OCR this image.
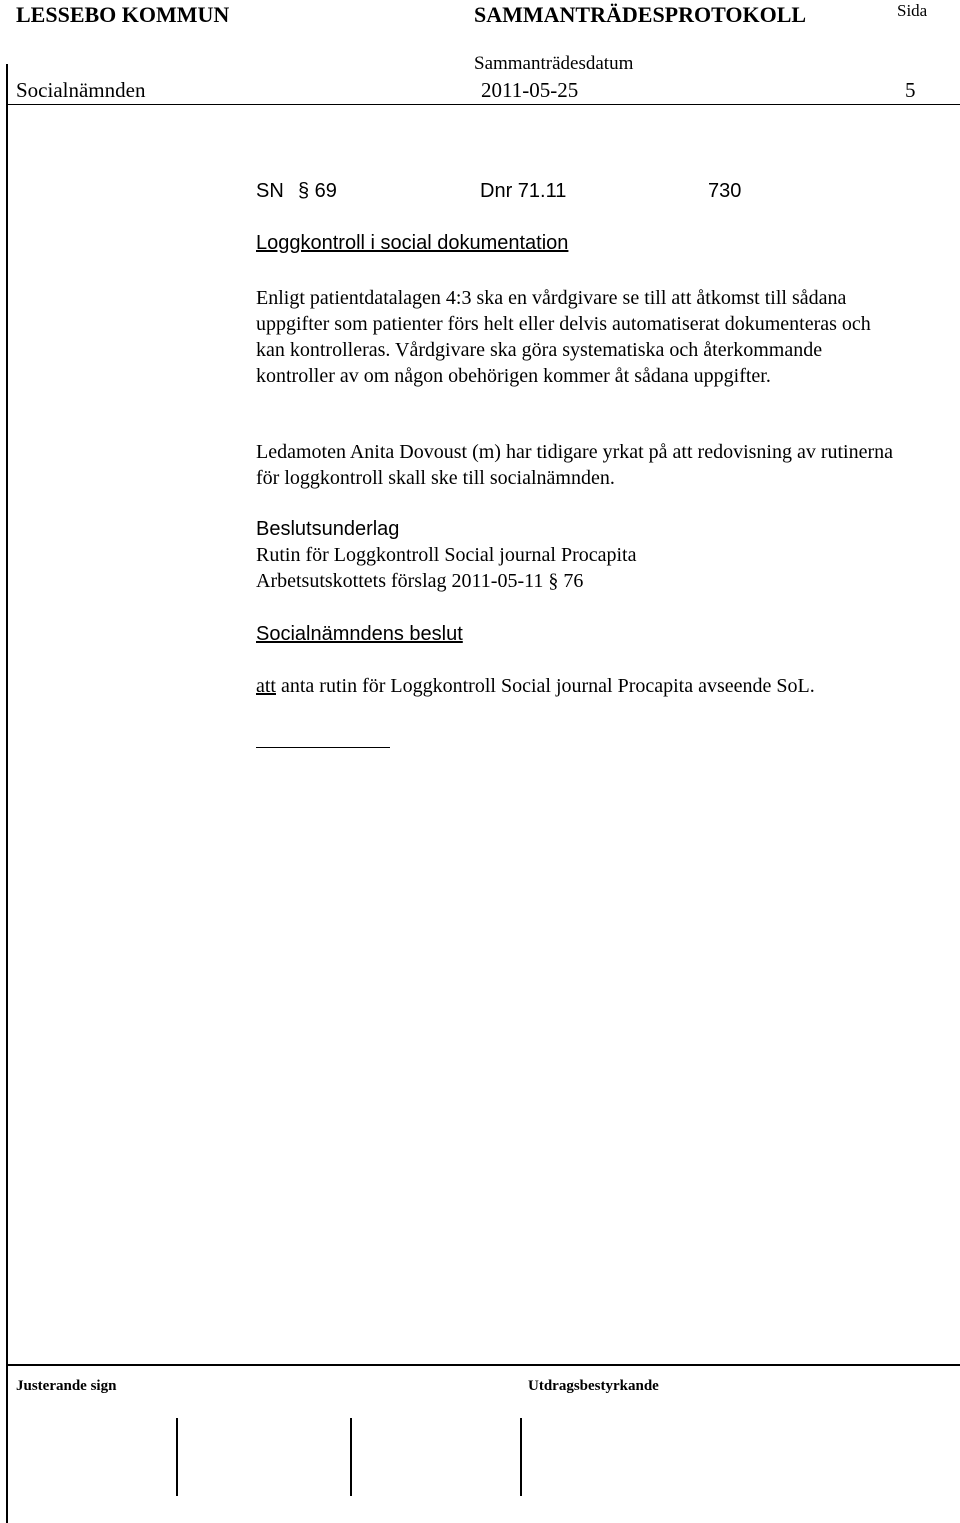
LESSEBO KOMMUN	SAMMANTRÄDESPROTOKOLL	Sida
Sammanträdesdatum
Socialnämnden	2011-05-25	5
SN § 69	Dnr 71.11	730
Loggkontroll i social dokumentation
Enligt patientdatalagen 4:3 ska en vårdgivare se till att åtkomst till sådana uppgifter som patienter förs helt eller delvis automatiserat dokumenteras och kan kontrolleras. Vårdgivare ska göra systematiska och återkommande kontroller av om någon obehörigen kommer åt sådana uppgifter.
Ledamoten Anita Dovoust (m) har tidigare yrkat på att redovisning av rutinerna för loggkontroll skall ske till socialnämnden.
Beslutsunderlag
Rutin för Loggkontroll Social journal Procapita
Arbetsutskottets förslag 2011-05-11 § 76
Socialnämndens beslut
att anta rutin för Loggkontroll Social journal Procapita avseende SoL.
Justerande sign	Utdragsbestyrkande
